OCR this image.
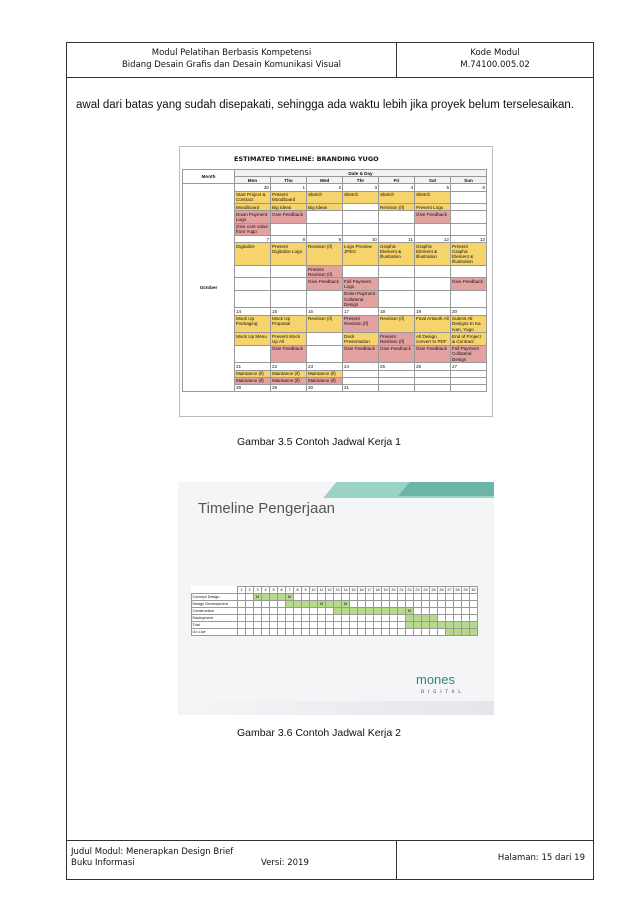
Modul Pelatihan Berbasis Kompetensi
Bidang Desain Grafis dan Desain Komunikasi Visual
Kode Modul
M.74100.005.02
Judul Modul: Menerapkan Design Brief
Buku Informasi	Versi: 2019	Halaman: 15 dari 19
awal dari batas yang sudah disepakati, sehingga ada waktu lebih jika proyek belum terselesaikan.
ESTIMATED TIMELINE: BRANDING YUGO
Month	Date & Day						
	Mon	Thu	Wed	Thr	Fri	Sat	Sun
October	30	1	2	3	4	5	6
	Start Project & Contract	Present Moodboard	Sketch	Sketch	Sketch	Sketch	
	Moodboard	Big Ideas	Big Ideas		Revision (if)	Present Logo	
	Down Payment Logo	Give Feedback				Give Feedback	
	Give core value from Yugo						
	7	8	9	10	11	12	13
	Digitalize	Present Digitalize Logo	Revision (if)	Logo Preview JPEG	Graphic Element & Illustration	Graphic Element & Illustration	Present Graphic Element & Illustration
			Present Revision (if)				
			Give Feedback	Full Payment Logo			Give Feedback
				Down Payment Collateral Design			
	14	15	16	17	18	19	20
	Mock Up Packaging	Mock Up Proposal	Revision (if)	Present Revision (if)	Revision (if)	Final Artwork All	Submit All Designs to Ka Ivan, Yugo
	Mock Up Menu	Present Mock Up All		Deck Presentation	Present Revision (if)	All Design convert to PDF	End of Project & Contract
		Give Feedback		Give Feedback	Give Feedback	Give Feedback	Full Payment Collateral Design
	21	22	23	24	25	26	27
	Maintance (if)	Maintance (if)	Maintance (if)				
	Maintance (if)	Maintance (if)	Maintance (if)				
	28	29	30	31			
Gambar 3.5 Contoh Jadwal Kerja 1
Timeline Pengerjaan
	1	2	3	4	5	6	7	8	9	10	11	12	13	14	15	16	17	18	19	20	21	22	23	24	25	26	27	28	29	30
Concept Design			M				M																							
Design Development											M			M																
Construction																						M								
Deployment																														
Trial																														
Go Live																														
mones
DIGITAL
Gambar 3.6 Contoh Jadwal Kerja 2
